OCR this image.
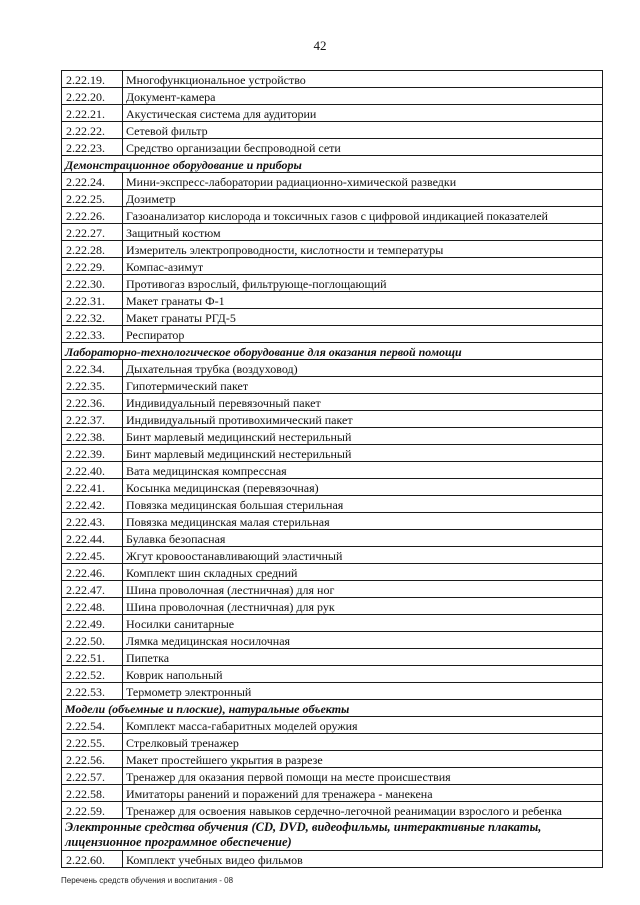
42
2.22.19.	Многофункциональное устройство
2.22.20.	Документ-камера
2.22.21.	Акустическая система для аудитории
2.22.22.	Сетевой фильтр
2.22.23.	Средство организации беспроводной сети
Демонстрационное оборудование и приборы	
2.22.24.	Мини-экспресс-лаборатории радиационно-химической разведки
2.22.25.	Дозиметр
2.22.26.	Газоанализатор кислорода и токсичных газов с цифровой индикацией показателей
2.22.27.	Защитный костюм
2.22.28.	Измеритель электропроводности, кислотности и температуры
2.22.29.	Компас-азимут
2.22.30.	Противогаз взрослый, фильтрующе-поглощающий
2.22.31.	Макет гранаты Ф-1
2.22.32.	Макет гранаты РГД-5
2.22.33.	Респиратор
Лабораторно-технологическое оборудование для оказания первой помощи	
2.22.34.	Дыхательная трубка (воздуховод)
2.22.35.	Гипотермический пакет
2.22.36.	Индивидуальный перевязочный пакет
2.22.37.	Индивидуальный противохимический пакет
2.22.38.	Бинт марлевый медицинский нестерильный
2.22.39.	Бинт марлевый медицинский нестерильный
2.22.40.	Вата медицинская компрессная
2.22.41.	Косынка медицинская (перевязочная)
2.22.42.	Повязка медицинская большая стерильная
2.22.43.	Повязка медицинская малая стерильная
2.22.44.	Булавка безопасная
2.22.45.	Жгут кровоостанавливающий эластичный
2.22.46.	Комплект шин складных средний
2.22.47.	Шина проволочная (лестничная) для ног
2.22.48.	Шина проволочная (лестничная) для рук
2.22.49.	Носилки санитарные
2.22.50.	Лямка медицинская носилочная
2.22.51.	Пипетка
2.22.52.	Коврик напольный
2.22.53.	Термометр электронный
Модели (объемные и плоские), натуральные объекты	
2.22.54.	Комплект масса-габаритных моделей оружия
2.22.55.	Стрелковый тренажер
2.22.56.	Макет простейшего укрытия в разрезе
2.22.57.	Тренажер для оказания первой помощи на месте происшествия
2.22.58.	Имитаторы ранений и поражений для тренажера - манекена
2.22.59.	Тренажер для освоения навыков сердечно-легочной реанимации взрослого и ребенка
Электронные средства обучения (CD, DVD, видеофильмы, интерактивные плакаты, лицензионное программное обеспечение)	
2.22.60.	Комплект учебных видео фильмов
Перечень средств обучения и воспитания - 08
